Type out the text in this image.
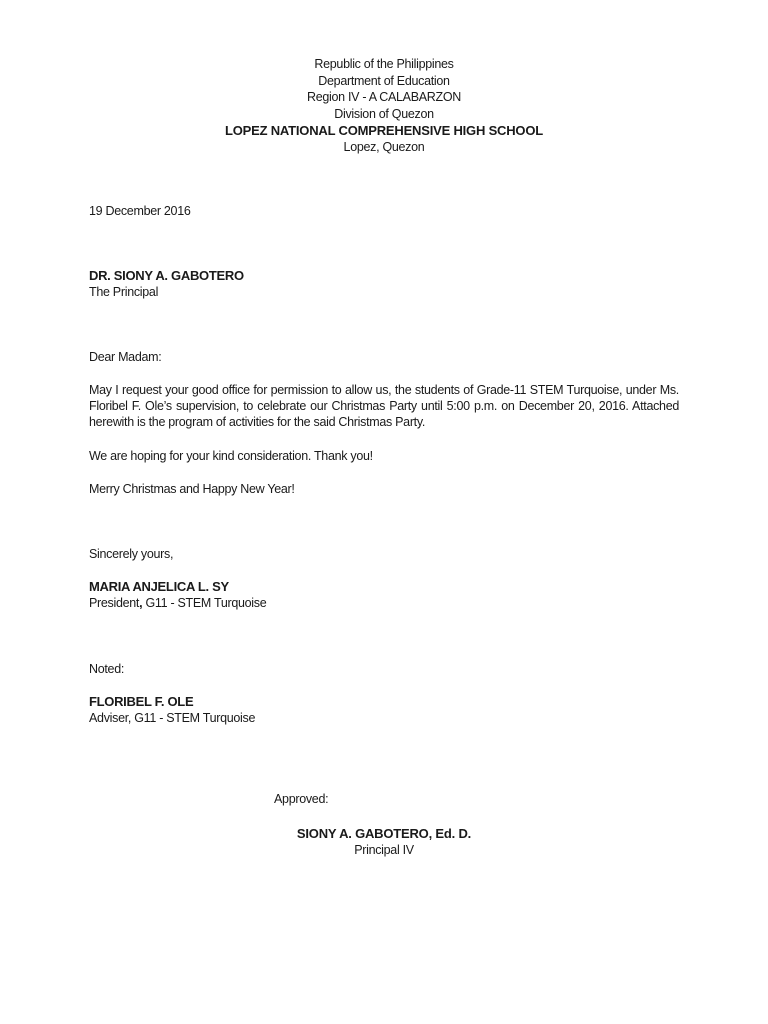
Republic of the Philippines
Department of Education
Region IV - A CALABARZON
Division of Quezon
LOPEZ NATIONAL COMPREHENSIVE HIGH SCHOOL
Lopez, Quezon
19 December 2016
DR. SIONY A. GABOTERO
The Principal
Dear Madam:
May I request your good office for permission to allow us, the students of Grade-11 STEM Turquoise, under Ms. Floribel F. Ole’s supervision, to celebrate our Christmas Party until 5:00 p.m. on December 20, 2016. Attached herewith is the program of activities for the said Christmas Party.
We are hoping for your kind consideration. Thank you!
Merry Christmas and Happy New Year!
Sincerely yours,
MARIA ANJELICA L. SY
President, G11 - STEM Turquoise
Noted:
FLORIBEL F. OLE
Adviser, G11 - STEM Turquoise
Approved:
SIONY A. GABOTERO, Ed. D.
Principal IV
